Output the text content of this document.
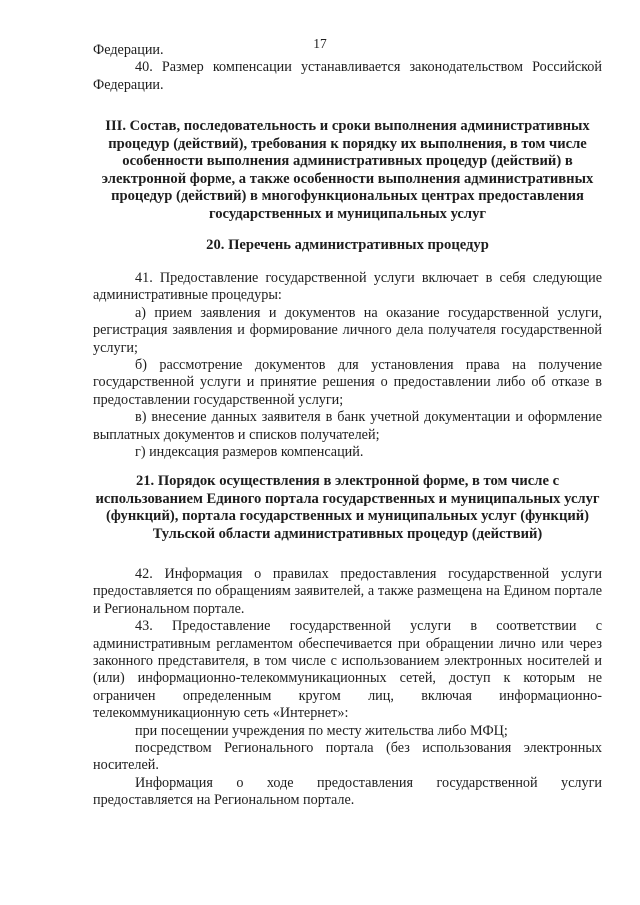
17

Федерации.

40. Размер компенсации устанавливается законодательством Российской Федерации.

III. Состав, последовательность и сроки выполнения административных процедур (действий), требования к порядку их выполнения, в том числе особенности выполнения административных процедур (действий) в электронной форме, а также особенности выполнения административных процедур (действий) в многофункциональных центрах предоставления государственных и муниципальных услуг

20. Перечень административных процедур

41. Предоставление государственной услуги включает в себя следующие административные процедуры:

а) прием заявления и документов на оказание государственной услуги, регистрация заявления и формирование личного дела получателя государственной услуги;

б) рассмотрение документов для установления права на получение государственной услуги и принятие решения о предоставлении либо об отказе в предоставлении государственной услуги;

в) внесение данных заявителя в банк учетной документации и оформление выплатных документов и списков получателей;

г) индексация размеров компенсаций.

21. Порядок осуществления в электронной форме, в том числе с использованием Единого портала государственных и муниципальных услуг (функций), портала государственных и муниципальных услуг (функций) Тульской области административных процедур (действий)

42. Информация о правилах предоставления государственной услуги предоставляется по обращениям заявителей, а также размещена на Едином портале и Региональном портале.

43. Предоставление государственной услуги в соответствии с административным регламентом обеспечивается при обращении лично или через законного представителя, в том числе с использованием электронных носителей и (или) информационно-телекоммуникационных сетей, доступ к которым не ограничен определенным кругом лиц, включая информационно-телекоммуникационную сеть «Интернет»:

при посещении учреждения по месту жительства либо МФЦ;

посредством Регионального портала (без использования электронных носителей.

Информация о ходе предоставления государственной услуги предоставляется на Региональном портале.
